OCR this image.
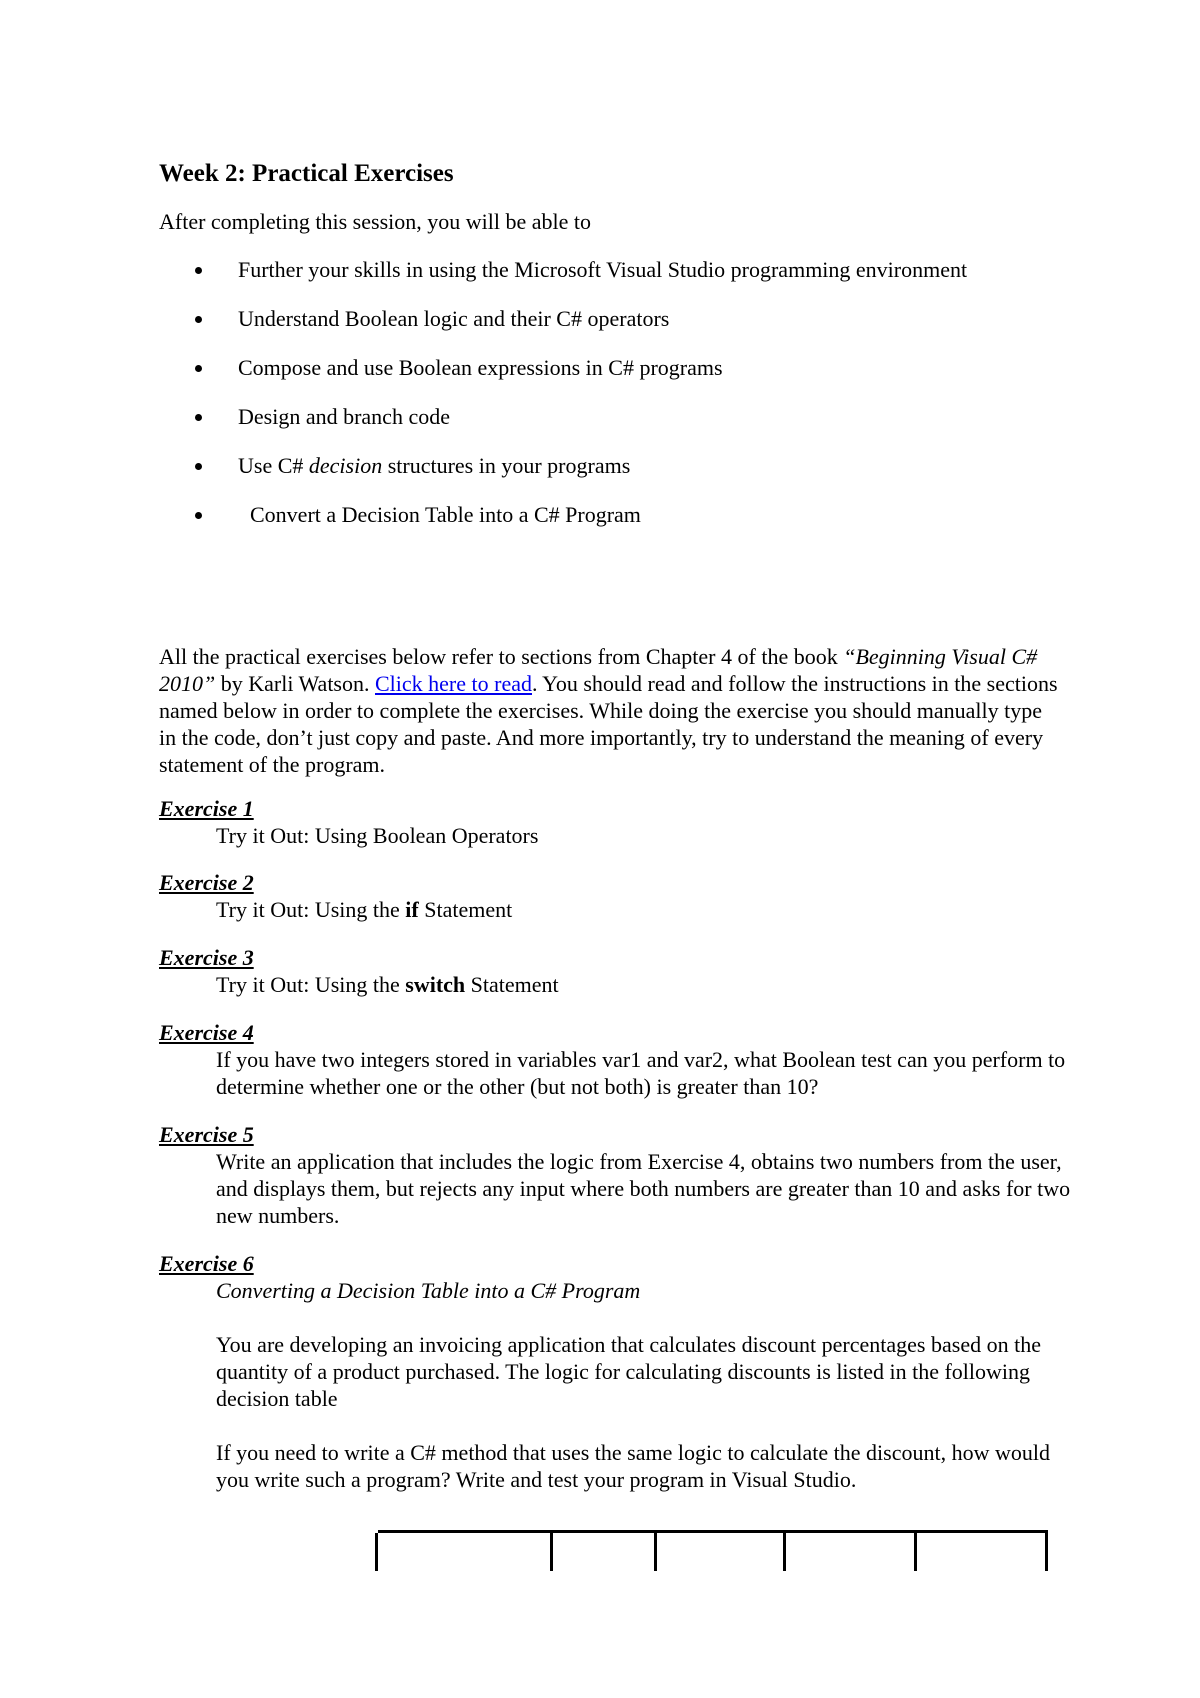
Week 2: Practical Exercises

After completing this session, you will be able to

Further your skills in using the Microsoft Visual Studio programming environment
Understand Boolean logic and their C# operators
Compose and use Boolean expressions in C# programs
Design and branch code
Use C# decision structures in your programs
Convert a Decision Table into a C# Program

All the practical exercises below refer to sections from Chapter 4 of the book “Beginning Visual C# 2010” by Karli Watson. Click here to read. You should read and follow the instructions in the sections named below in order to complete the exercises. While doing the exercise you should manually type in the code, don’t just copy and paste. And more importantly, try to understand the meaning of every statement of the program.

Exercise 1
Try it Out: Using Boolean Operators
Exercise 2
Try it Out: Using the if Statement
Exercise 3
Try it Out: Using the switch Statement
Exercise 4
If you have two integers stored in variables var1 and var2, what Boolean test can you perform to determine whether one or the other (but not both) is greater than 10?
Exercise 5
Write an application that includes the logic from Exercise 4, obtains two numbers from the user, and displays them, but rejects any input where both numbers are greater than 10 and asks for two new numbers.
Exercise 6

Converting a Decision Table into a C# Program

You are developing an invoicing application that calculates discount percentages based on the quantity of a product purchased. The logic for calculating discounts is listed in the following decision table

If you need to write a C# method that uses the same logic to calculate the discount, how would you write such a program? Write and test your program in Visual Studio.
